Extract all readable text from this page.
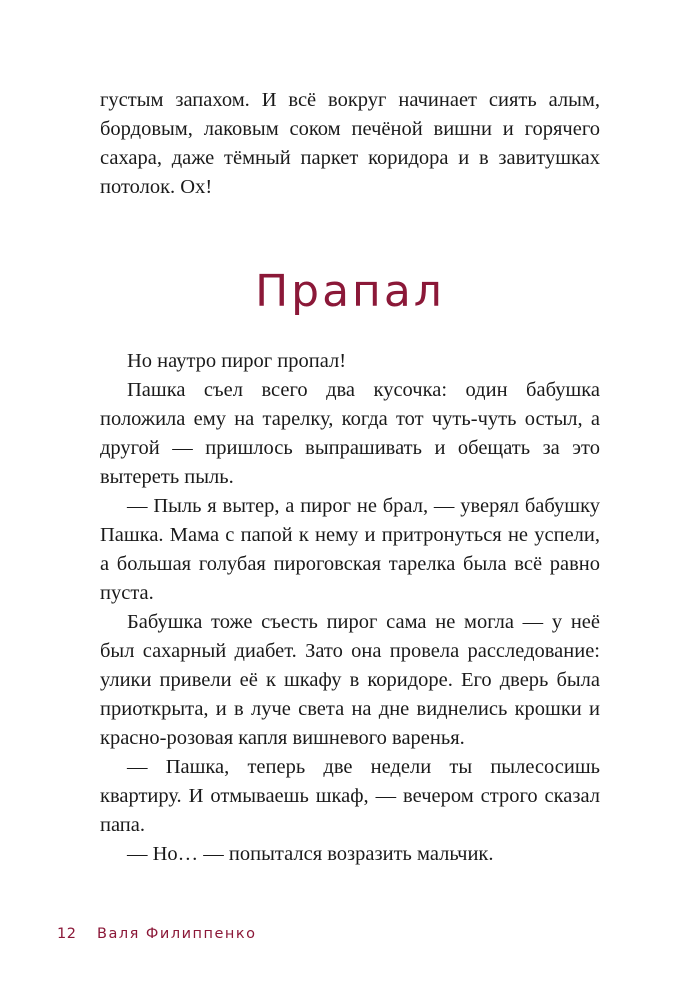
густым запахом. И всё вокруг начинает сиять алым, бордовым, лаковым соком печёной вишни и горячего сахара, даже тёмный паркет коридора и в завитушках потолок. Ох!

Прапал

Но наутро пирог пропал!

Пашка съел всего два кусочка: один бабушка положила ему на тарелку, когда тот чуть-чуть остыл, а другой — пришлось выпрашивать и обещать за это вытереть пыль.

— Пыль я вытер, а пирог не брал, — уверял бабушку Пашка. Мама с папой к нему и притронуться не успели, а большая голубая пироговская тарелка была всё равно пуста.

Бабушка тоже съесть пирог сама не могла — у неё был сахарный диабет. Зато она провела расследование: улики привели её к шкафу в коридоре. Его дверь была приоткрыта, и в луче света на дне виднелись крошки и красно-розовая капля вишневого варенья.

— Пашка, теперь две недели ты пылесосишь квартиру. И отмываешь шкаф, — вечером строго сказал папа.

— Но… — попытался возразить мальчик.

12 Валя Филиппенко
